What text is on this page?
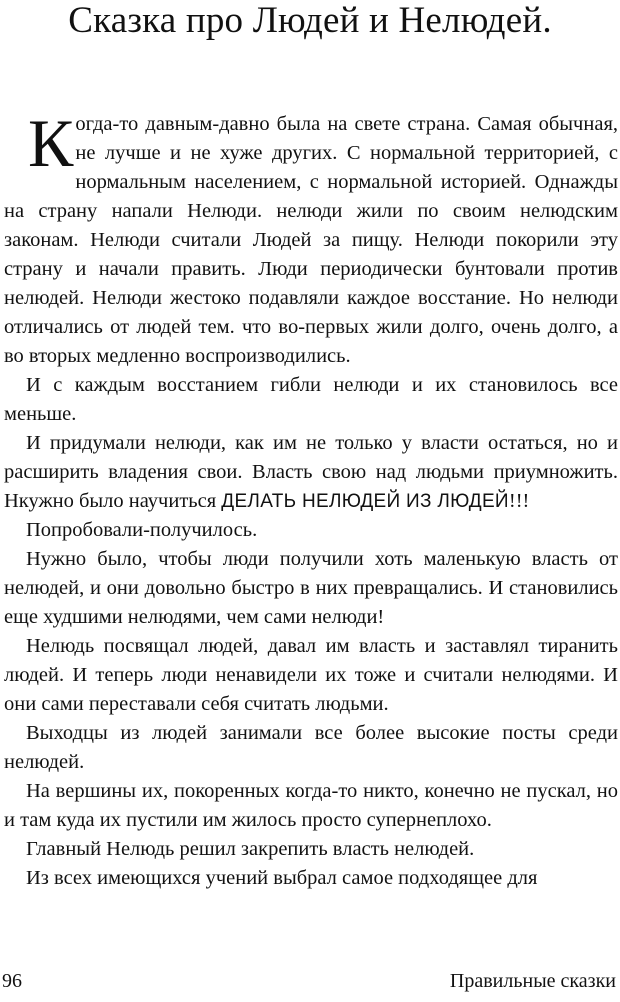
Сказка про Людей и Нелюдей.

К огда-то давным-давно была на свете страна. Самая обычная, не лучше и не хуже других. С нормальной территорией, с нормальным населением, с нормальной историей. Однажды на страну напали Нелюди. нелюди жили по своим нелюдским законам. Нелюди считали Людей за пищу. Нелюди покорили эту страну и начали править. Люди периодически бунтовали против нелюдей. Нелюди жестоко подавляли каждое восстание. Но нелюди отличались от людей тем. что во-первых жили долго, очень долго, а во вторых медленно воспроизводились.

И с каждым восстанием гибли нелюди и их становилось все меньше.

И придумали нелюди, как им не только у власти остаться, но и расширить владения свои. Власть свою над людьми приумножить. Нкужно было научиться ДЕЛАТЬ НЕЛЮДЕЙ ИЗ ЛЮДЕЙ!!!

Попробовали-получилось.

Нужно было, чтобы люди получили хоть маленькую власть от нелюдей, и они довольно быстро в них превращались. И становились еще худшими нелюдями, чем сами нелюди!

Нелюдь посвящал людей, давал им власть и заставлял тиранить людей. И теперь люди ненавидели их тоже и считали нелюдями. И они сами переставали себя считать людьми.

Выходцы из людей занимали все более высокие посты среди нелюдей.

На вершины их, покоренных когда-то никто, конечно не пускал, но и там куда их пустили им жилось просто супернеплохо.

Главный Нелюдь решил закрепить власть нелюдей.

Из всех имеющихся учений выбрал самое подходящее для

96	Правильные сказки
